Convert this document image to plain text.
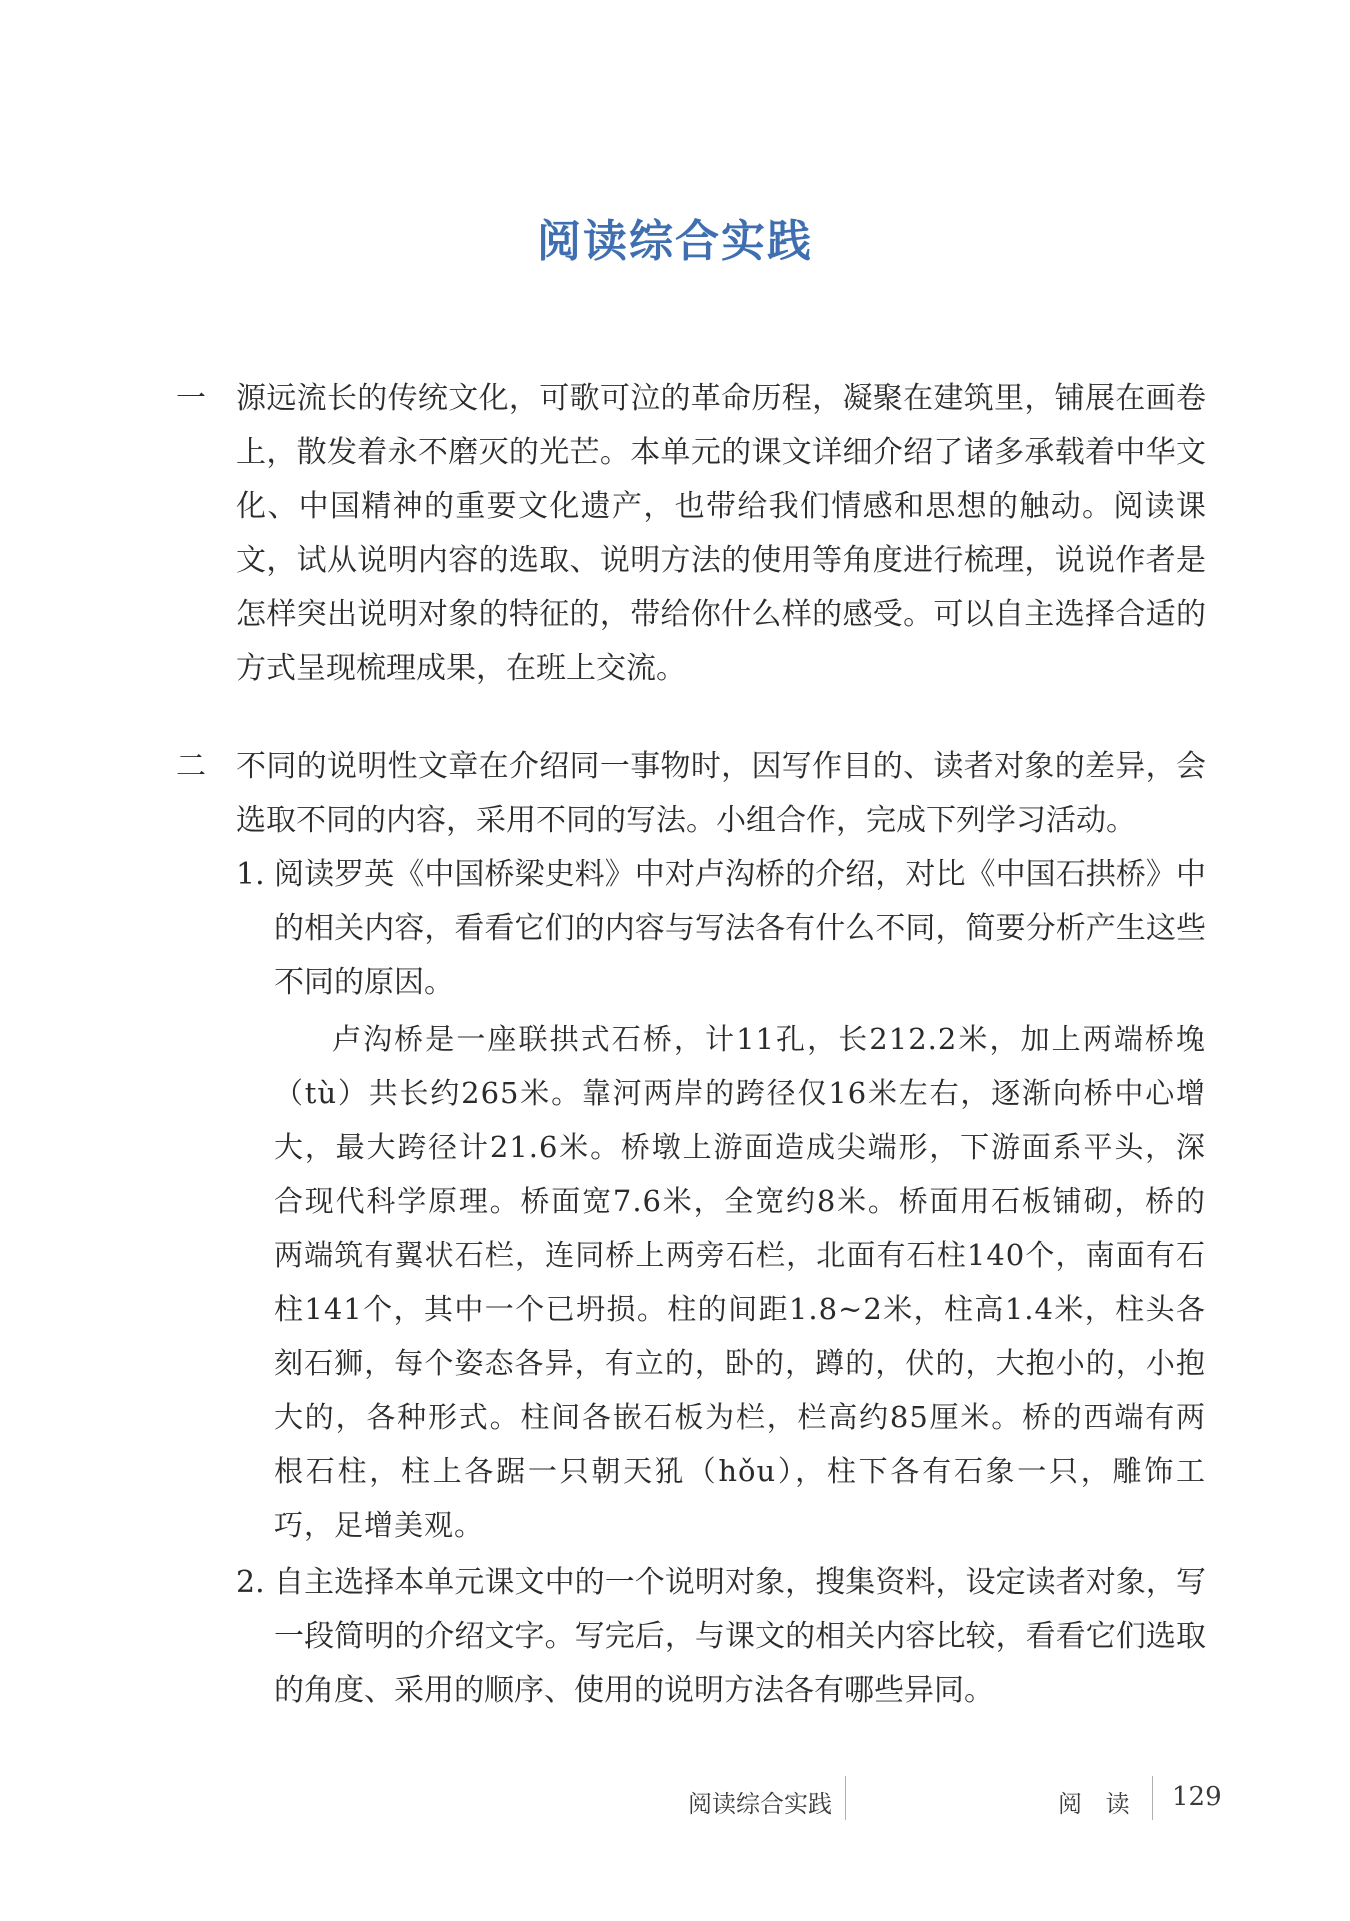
阅读综合实践
一	源远流长的传统文化，可歌可泣的革命历程，凝聚在建筑里，铺展在画卷上，散发着永不磨灭的光芒。本单元的课文详细介绍了诸多承载着中华文化、中国精神的重要文化遗产，也带给我们情感和思想的触动。阅读课文，试从说明内容的选取、说明方法的使用等角度进行梳理，说说作者是怎样突出说明对象的特征的，带给你什么样的感受。可以自主选择合适的方式呈现梳理成果，在班上交流。
二	不同的说明性文章在介绍同一事物时，因写作目的、读者对象的差异，会选取不同的内容，采用不同的写法。小组合作，完成下列学习活动。
1. 阅读罗英《中国桥梁史料》中对卢沟桥的介绍，对比《中国石拱桥》中的相关内容，看看它们的内容与写法各有什么不同，简要分析产生这些不同的原因。
卢沟桥是一座联拱式石桥，计11孔，长212.2米，加上两端桥堍（tù）共长约265米。靠河两岸的跨径仅16米左右，逐渐向桥中心增大，最大跨径计21.6米。桥墩上游面造成尖端形，下游面系平头，深合现代科学原理。桥面宽7.6米，全宽约8米。桥面用石板铺砌，桥的两端筑有翼状石栏，连同桥上两旁石栏，北面有石柱140个，南面有石柱141个，其中一个已坍损。柱的间距1.8~2米，柱高1.4米，柱头各刻石狮，每个姿态各异，有立的，卧的，蹲的，伏的，大抱小的，小抱大的，各种形式。柱间各嵌石板为栏，栏高约85厘米。桥的西端有两根石柱，柱上各踞一只朝天犼（hǒu），柱下各有石象一只，雕饰工巧，足增美观。
2. 自主选择本单元课文中的一个说明对象，搜集资料，设定读者对象，写一段简明的介绍文字。写完后，与课文的相关内容比较，看看它们选取的角度、采用的顺序、使用的说明方法各有哪些异同。
阅读综合实践	阅 读 129
